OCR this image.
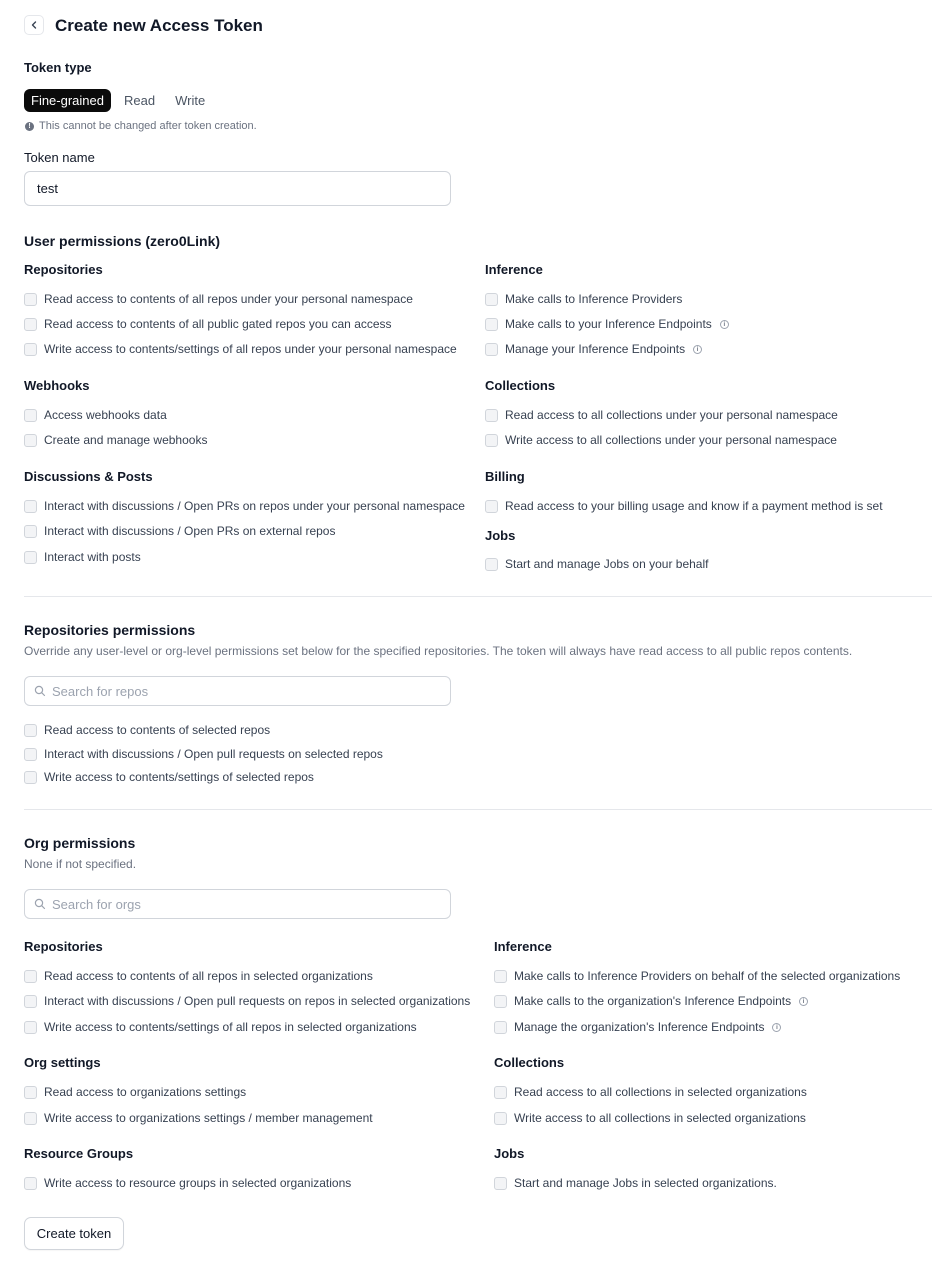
Create new Access Token
Token type
Fine-grained	Read	Write
! This cannot be changed after token creation.
Token name
test
User permissions (zero0Link)
Repositories
Read access to contents of all repos under your personal namespace
Read access to contents of all public gated repos you can access
Write access to contents/settings of all repos under your personal namespace
Webhooks
Access webhooks data
Create and manage webhooks
Discussions & Posts
Interact with discussions / Open PRs on repos under your personal namespace
Interact with discussions / Open PRs on external repos
Interact with posts
Inference
Make calls to Inference Providers
Make calls to your Inference Endpoints	i
Manage your Inference Endpoints	i
Collections
Read access to all collections under your personal namespace
Write access to all collections under your personal namespace
Billing
Read access to your billing usage and know if a payment method is set
Jobs
Start and manage Jobs on your behalf
Repositories permissions
Override any user-level or org-level permissions set below for the specified repositories. The token will always have read access to all public repos contents.
Search for repos
Read access to contents of selected repos
Interact with discussions / Open pull requests on selected repos
Write access to contents/settings of selected repos
Org permissions
None if not specified.
Search for orgs
Repositories
Read access to contents of all repos in selected organizations
Interact with discussions / Open pull requests on repos in selected organizations
Write access to contents/settings of all repos in selected organizations
Org settings
Read access to organizations settings
Write access to organizations settings / member management
Resource Groups
Write access to resource groups in selected organizations
Inference
Make calls to Inference Providers on behalf of the selected organizations
Make calls to the organization's Inference Endpoints	i
Manage the organization's Inference Endpoints	i
Collections
Read access to all collections in selected organizations
Write access to all collections in selected organizations
Jobs
Start and manage Jobs in selected organizations.
Create token
